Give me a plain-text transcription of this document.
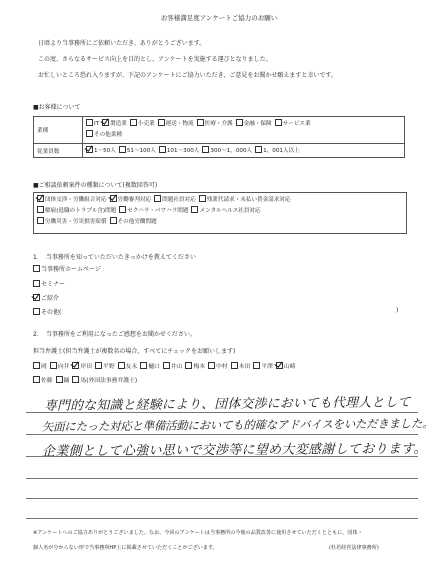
お客様満足度アンケートご協力のお願い
日頃より当事務所にご依頼いただき、ありがとうございます。
この度、さらなるサービス向上を目的とし、アンケートを実施する運びとなりました。
お忙しいところ恐れ入りますが、下記のアンケートにご協力いただき、ご意見をお聞かせ願えますと幸いです。
■お客様について
業種	IT 製造業 小売業 運送・物流 医療・介護 金融・保険 サービス業
その他業種

従業員数	1～50人 51～100人 101～300人 300～1，000人 1，001人以上
■ご相談依頼案件の種類について(複数回答可)
団体交渉・労働組合対応 労働審判対応 問題社員対応 残業代請求・未払い賃金請求対応
解雇(退職のトラブル含)問題 セクハラ・パワハラ問題 メンタルヘルス社員対応
労働災害・労災損害賠償 その他労働問題
1．　当事務所を知っていただいたきっかけを教えてください
当事務所ホームページ
セミナー
ご紹介
その他(	)
2．　当事務所をご利用になったご感想をお聞かせください。
担当弁護士(担当弁護士が複数名の場合、すべてにチェックをお願いします)
岡 向井 岸田 平野 友永 樋口 井山 梅本 中村 本田 平澤 山崎
佐藤 踊 馬(外国法事務弁護士)
専門的な知識と経験により、団体交渉においても代理人として
矢面にたった対応と準備活動においても的確なアドバイスをいただきました。
企業側として心強い思いで交渉等に望め大変感謝しております。
※アンケートへのご協力ありがとうございました。なお、今回のアンケートは当事務所の今後の品質改善に使用させていただくとともに、団体・
個人名が分からない形で当事務所HP上に掲載させていただくことがございます。	(杜若経営法律事務所)
